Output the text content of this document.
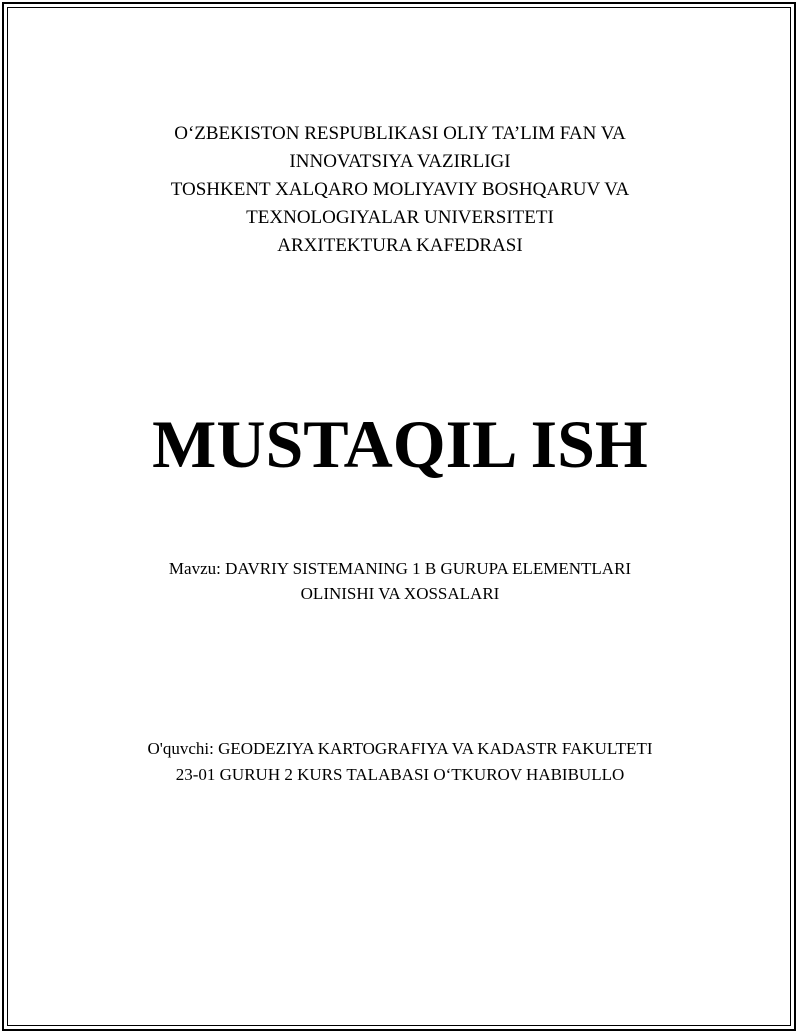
O‘ZBEKISTON RESPUBLIKASI OLIY TA’LIM FAN VA
INNOVATSIYA VAZIRLIGI
TOSHKENT XALQARO MOLIYAVIY BOSHQARUV VA
TEXNOLOGIYALAR UNIVERSITETI
ARXITEKTURA KAFEDRASI
MUSTAQIL ISH
Mavzu: DAVRIY SISTEMANING 1 B GURUPA ELEMENTLARI
OLINISHI VA XOSSALARI
O'quvchi: GEODEZIYA KARTOGRAFIYA VA KADASTR FAKULTETI
23-01 GURUH 2 KURS TALABASI O‘TKUROV HABIBULLO
